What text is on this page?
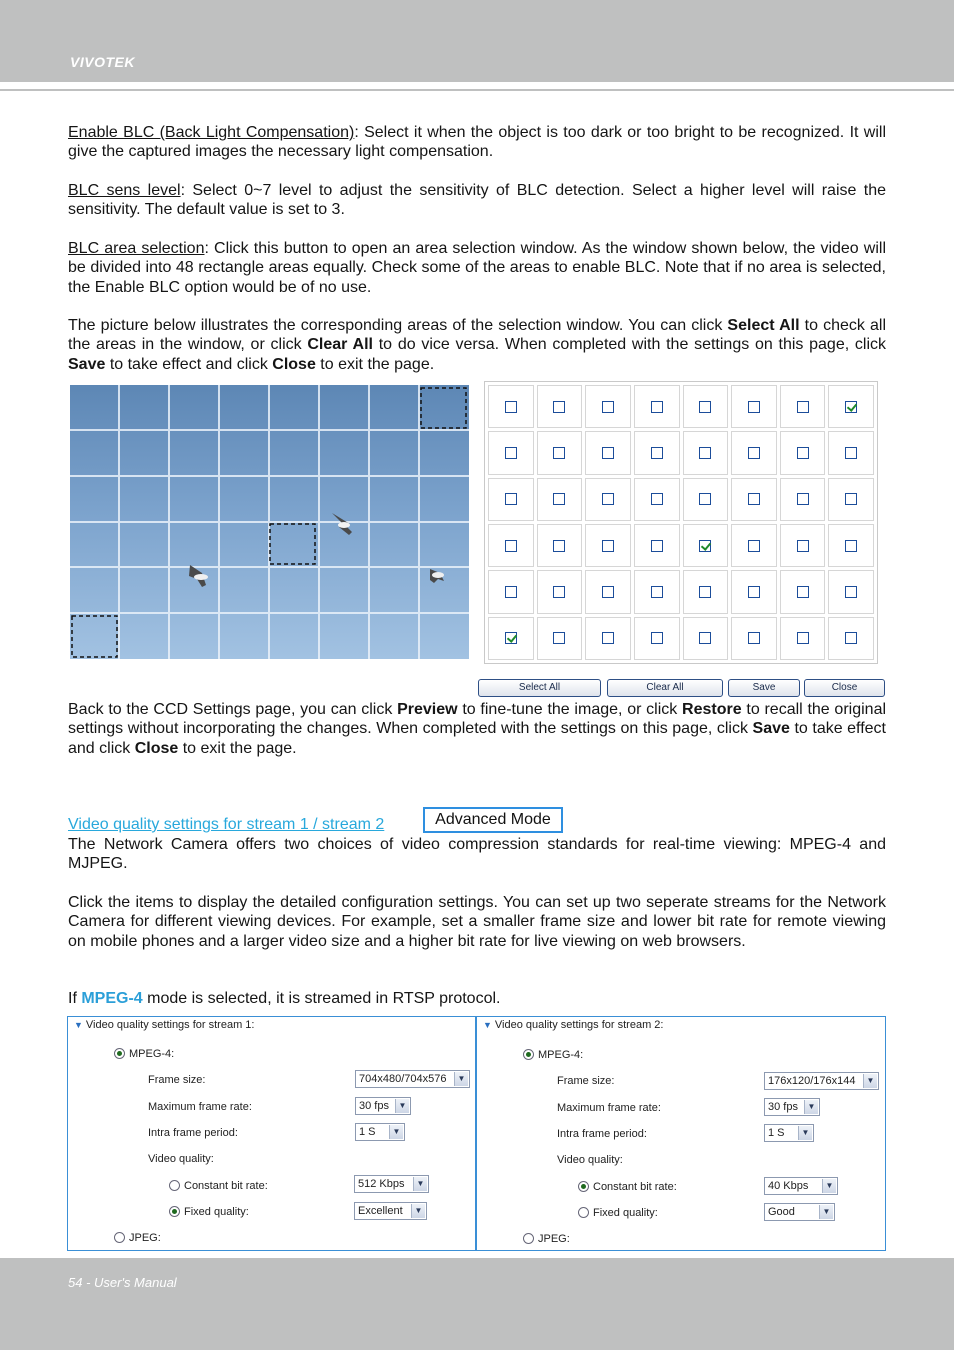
VIVOTEK
Enable BLC (Back Light Compensation): Select it when the object is too dark or too bright to be recognized. It will give the captured images the necessary light compensation.
BLC sens level: Select 0~7 level to adjust the sensitivity of BLC detection. Select a higher level will raise the sensitivity. The default value is set to 3.
BLC area selection: Click this button to open an area selection window. As the window shown below, the video will be divided into 48 rectangle areas equally. Check some of the areas to enable BLC. Note that if no area is selected, the Enable BLC option would be of no use.
The picture below illustrates the corresponding areas of the selection window. You can click Select All to check all the areas in the window, or click Clear All to do vice versa. When completed with the settings on this page, click Save to take effect and click Close to exit the page.
Select All	Clear All	Save	Close
Back to the CCD Settings page, you can click Preview to fine-tune the image, or click Restore to recall the original settings without incorporating the changes. When completed with the settings on this page, click Save to take effect and click Close to exit the page.
Video quality settings for stream 1 / stream 2	Advanced Mode
The Network Camera offers two choices of video compression standards for real-time viewing: MPEG-4 and MJPEG.
Click the items to display the detailed configuration settings. You can set up two seperate streams for the Network Camera for different viewing devices. For example, set a smaller frame size and lower bit rate for remote viewing on mobile phones and a larger video size and a higher bit rate for live viewing on web browsers.
If MPEG-4 mode is selected, it is streamed in RTSP protocol.
▼ Video quality settings for stream 1:
MPEG-4:
Frame size:	704x480/704x576	▼
Maximum frame rate:	30 fps	▼
Intra frame period:	1 S	▼
Video quality:
Constant bit rate:	512 Kbps	▼
Fixed quality:	Excellent	▼
JPEG:
▼ Video quality settings for stream 2:
MPEG-4:
Frame size:	176x120/176x144	▼
Maximum frame rate:	30 fps	▼
Intra frame period:	1 S	▼
Video quality:
Constant bit rate:	40 Kbps	▼
Fixed quality:	Good	▼
JPEG:
54 - User's Manual
